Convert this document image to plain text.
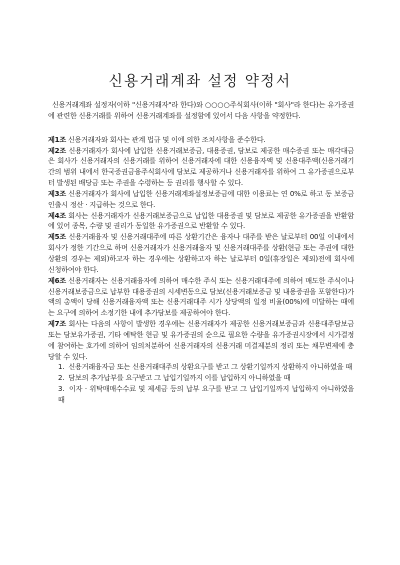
신용거래계좌 설정 약정서

신용거래계좌 설정자(이하 "신용거래자"라 한다)와 ○○○○주식회사(이하 "회사"라 한다)는 유가증권에 관련한 신용거래를 위하여 신용거래계좌를 설정함에 있어서 다음 사항을 약정한다.

제1조 신용거래자와 회사는 관계 법규 및 이에 의한 조치사항을 준수한다.

제2조 신용거래자가 회사에 납입한 신용거래보증금, 대용증권, 담보로 제공한 매수증권 또는 매각대금은 회사가 신용거래자의 신용거래를 위하여 신용거래자에 대한 신용융자액 및 신용대주액(신용거래기간의 범위 내에서 한국증권금융주식회사에 담보로 제공하거나 신용거래자를 위하여 그 유가증권으로부터 발생된 배당금 또는 주권을 수령하는 등 권리를 행사할 수 있다.

제3조 신용거래자가 회사에 납입한 신용거래계좌설정보증금에 대한 이용료는 연 0%로 하고 동 보증금 인출시 정산 · 지급하는 것으로 한다.

제4조 회사는 신용거래자가 신용거래보증금으로 납입한 대용증권 및 담보로 제공한 유가증권을 반환함에 있어 종목, 수량 및 권리가 동일한 유가증권으로 반환할 수 있다.

제5조 신용거래융자 및 신용거래대주에 따른 상환기간은 융자나 대주를 받은 날로부터 00일 이내에서 회사가 정한 기간으로 하며 신용거래자가 신용거래융자 및 신용거래대주를 상환(현금 또는 주권에 대한 상환의 경우는 제외)하고자 하는 경우에는 상환하고자 하는 날로부터 0일(휴장일은 제외)전에 회사에 신청하여야 한다.

제6조 신용거래자는 신용거래융자에 의하여 매수한 주식 또는 신용거래대주에 의하여 매도한 주식이나 신용거래보증금으로 납부한 대용증권의 시세변동으로 담보(신용거래보증금 및 내용증권을 포함한다)가액의 총액이 당해 신용거래융자액 또는 신용거래대주 시가 상당액의 일정 비율(00%)에 미달하는 때에는 요구에 의하여 소정기한 내에 추가담보를 제공하여야 한다.

제7조 회사는 다음의 사항이 발생한 경우에는 신용거래자가 제공한 신용거래보증금과 신용대주담보금 또는 담보유가증권, 기타 예탁한 현금 및 유가증권의 순으로 필요한 수량을 유가증권시장에서 시가결정에 참여하는 호가에 의하여 임의처분하여 신용거래자의 신용거래 미결제분의 정리 또는 채무변제에 충당할 수 있다.

1. 신용거래융자금 또는 신용거래대주의 상환요구를 받고 그 상환기일까지 상환하지 아니하였을 때

2. 담보의 추가납부를 요구받고 그 납입기일까지 이를 납입하지 아니하였을 때

3. 이자 · 위탁매매수수료 및 제세금 등의 납부 요구를 받고 그 납입기일까지 납입하지 아니하였을 때
